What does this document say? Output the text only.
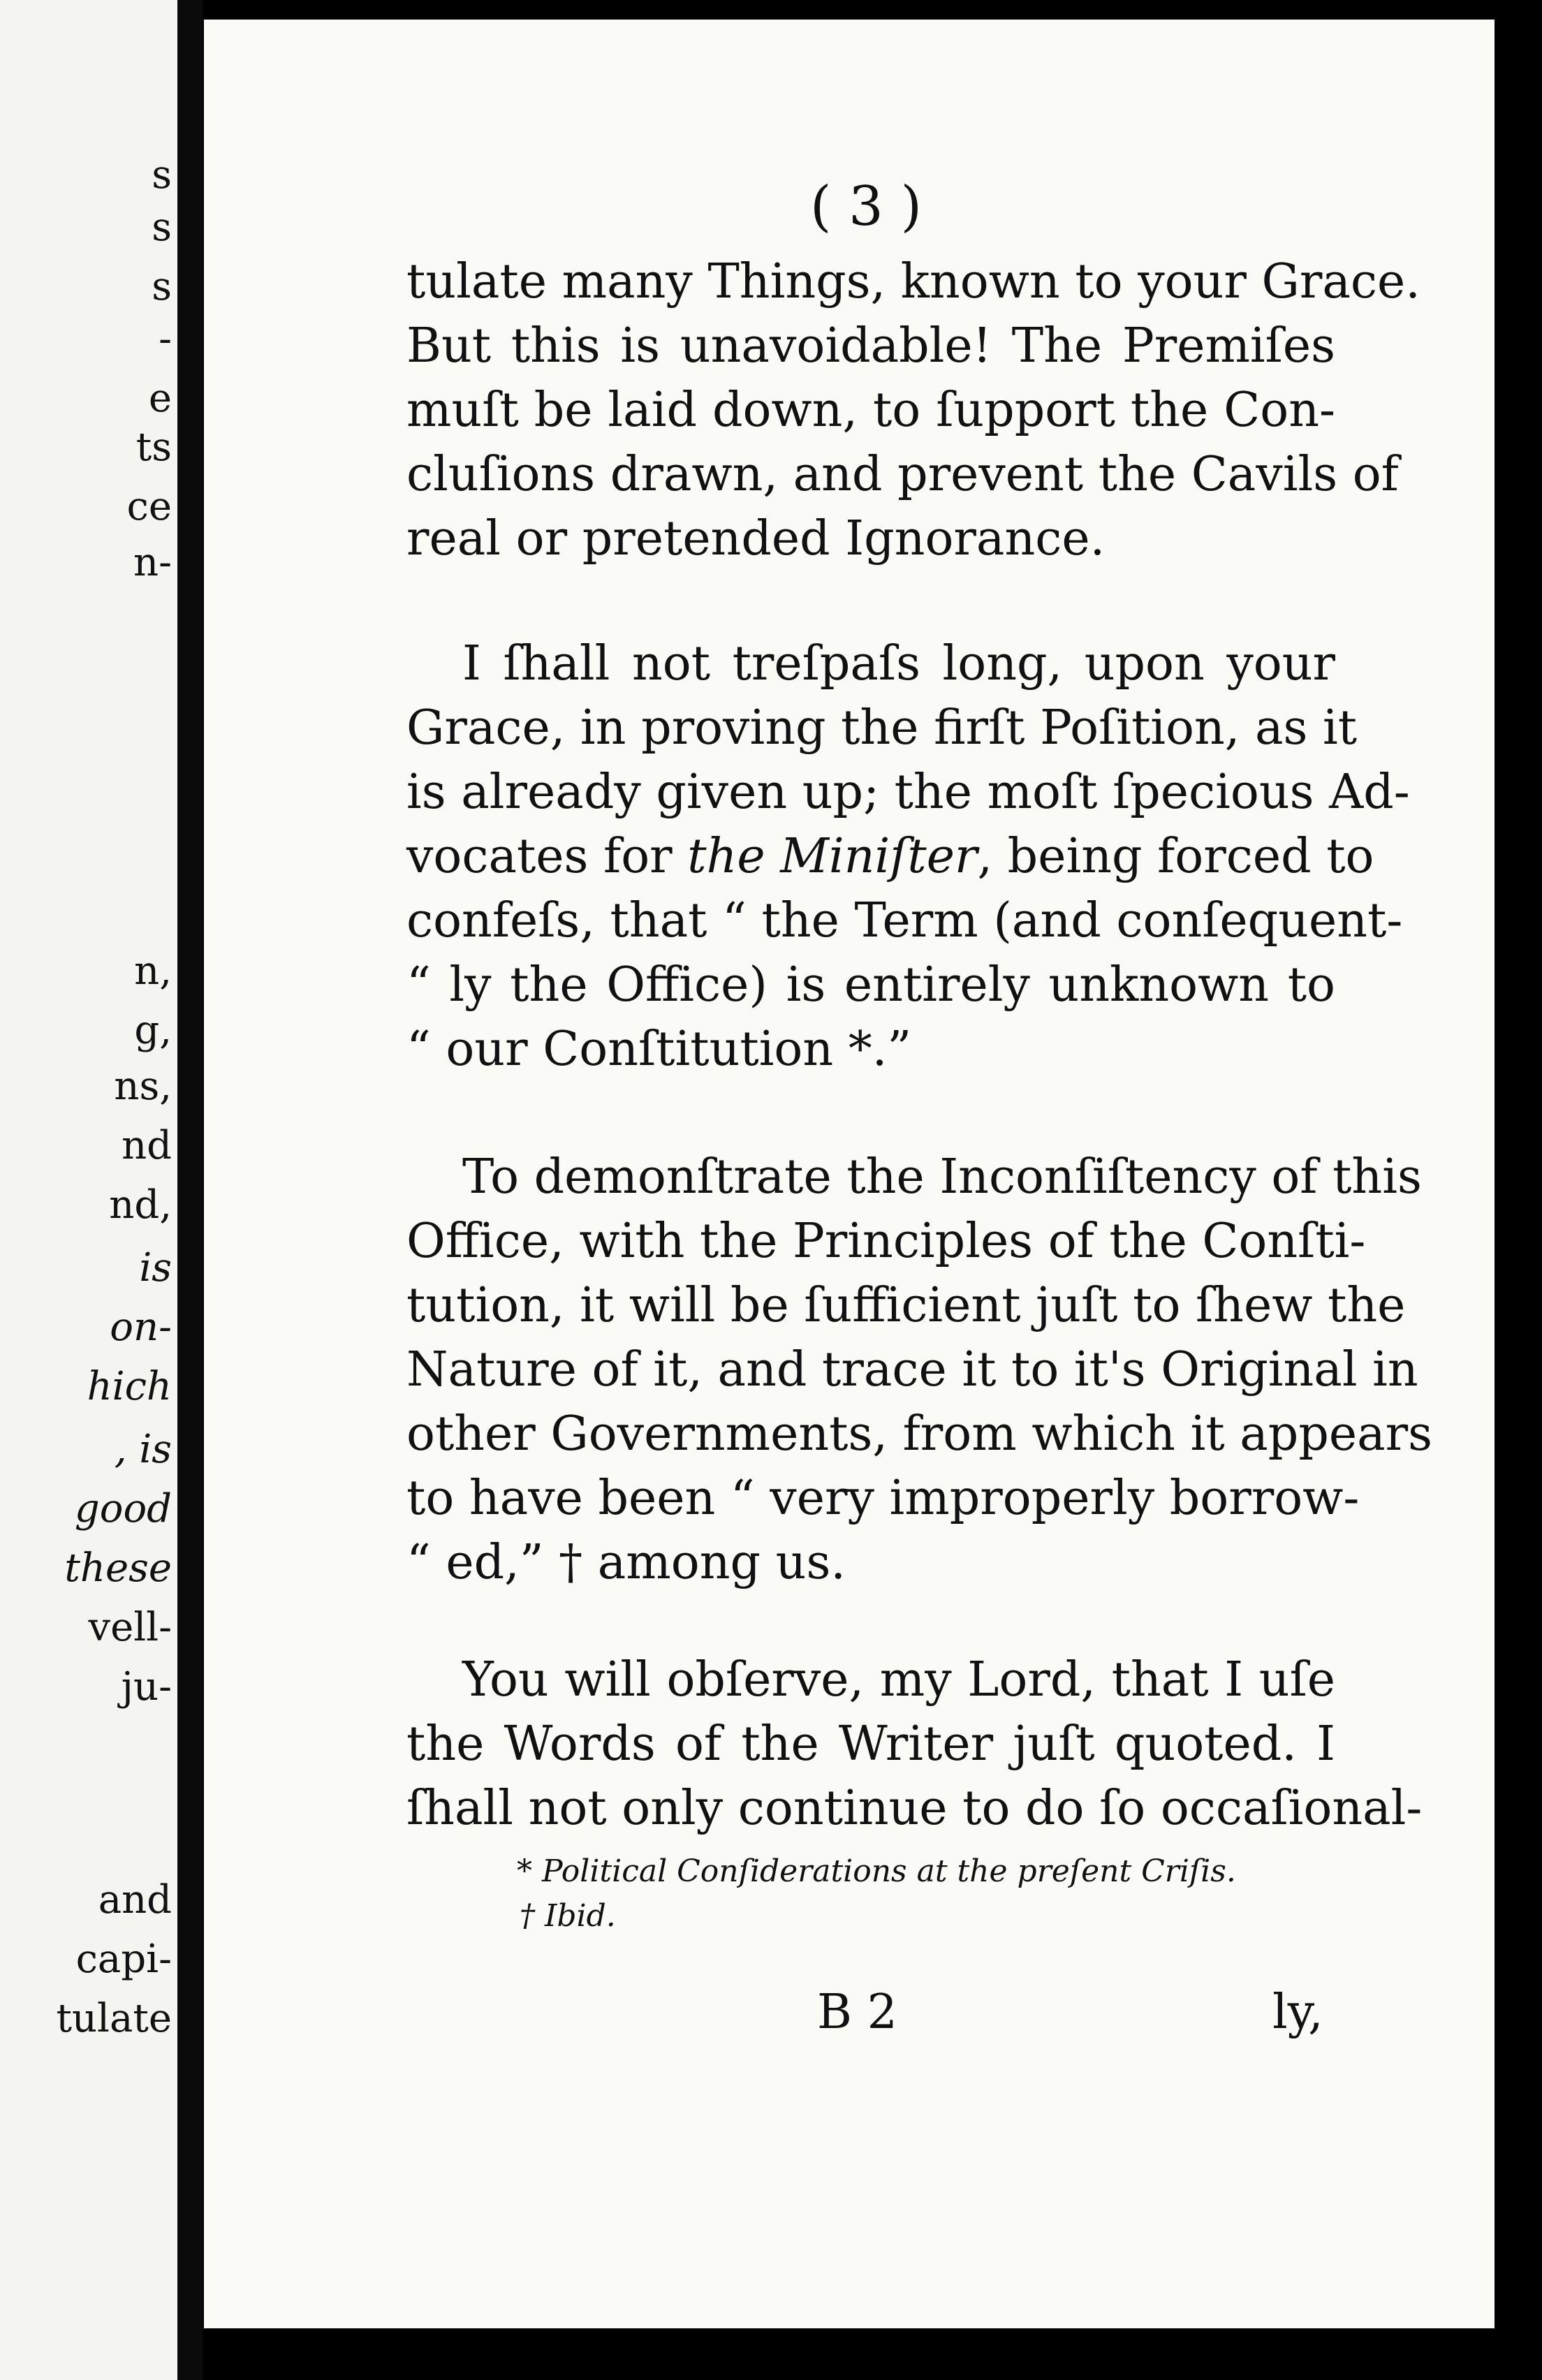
s
s
s
-
e
ts
ce
n-
n,
g,
ns,
nd
nd,
is
on-
hich
, is
good
these
vell-
ju-
and
capi-
tulate
( 3 )
tulate many Things, known to your Grace.
But this is unavoidable! The Premiſes
muſt be laid down, to ſupport the Con-
cluſions drawn, and prevent the Cavils of
real or pretended Ignorance.
I ſhall not treſpaſs long, upon your
Grace, in proving the firſt Poſition, as it
is already given up; the moſt ſpecious Ad-
vocates for the Miniſter, being forced to
confeſs, that “ the Term (and conſequent-
“ ly the Office) is entirely unknown to
“ our Conſtitution *.”
To demonſtrate the Inconſiſtency of this
Office, with the Principles of the Conſti-
tution, it will be ſufficient juſt to ſhew the
Nature of it, and trace it to it's Original in
other Governments, from which it appears
to have been “ very improperly borrow-
“ ed,” † among us.
You will obſerve, my Lord, that I uſe
the Words of the Writer juſt quoted. I
ſhall not only continue to do ſo occaſional-
* Political Conſiderations at the preſent Criſis.
† Ibid.
B 2	ly,
